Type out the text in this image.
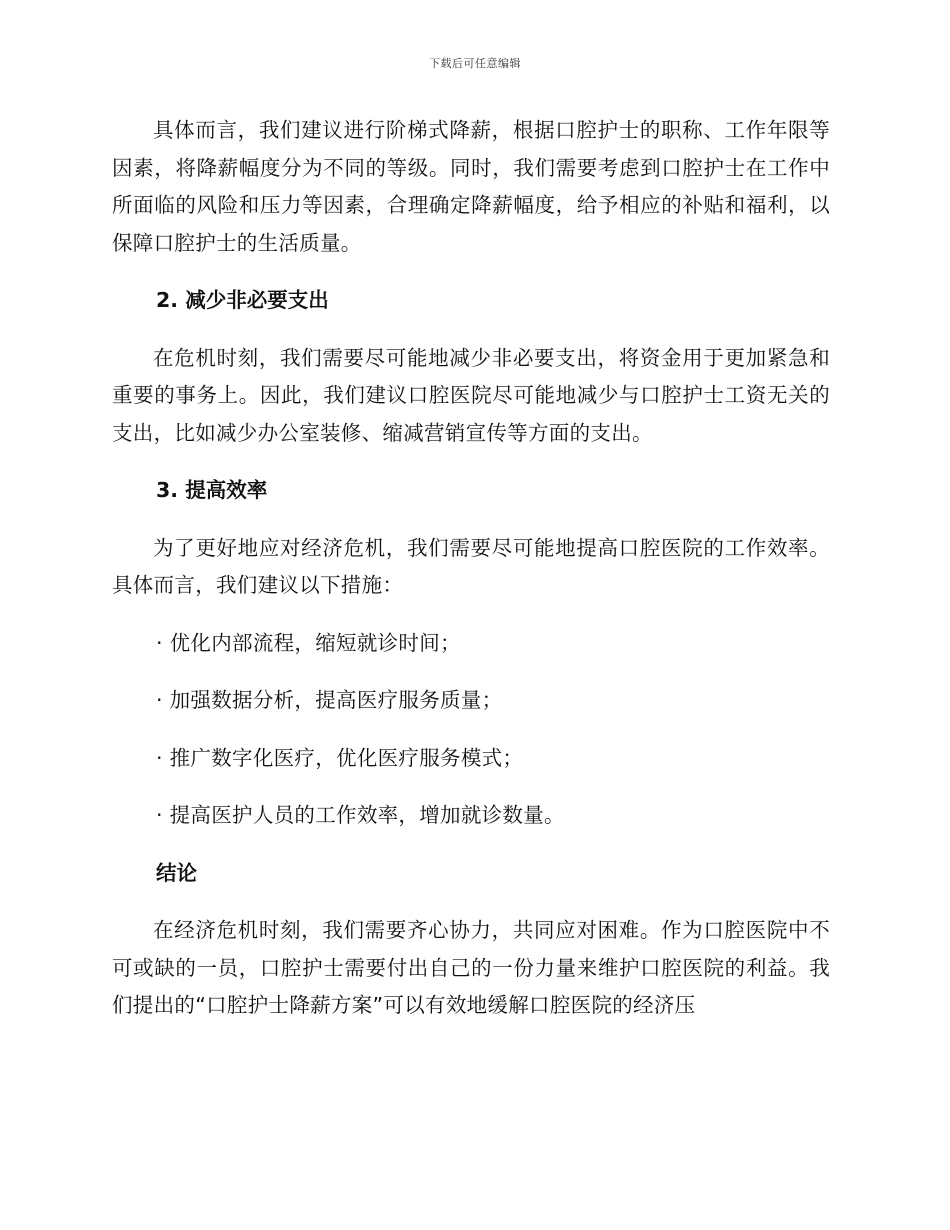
下载后可任意编辑

具体而言，我们建议进行阶梯式降薪，根据口腔护士的职称、工作年限等因素，将降薪幅度分为不同的等级。同时，我们需要考虑到口腔护士在工作中所面临的风险和压力等因素，合理确定降薪幅度，给予相应的补贴和福利，以保障口腔护士的生活质量。

2. 减少非必要支出

在危机时刻，我们需要尽可能地减少非必要支出，将资金用于更加紧急和重要的事务上。因此，我们建议口腔医院尽可能地减少与口腔护士工资无关的支出，比如减少办公室装修、缩减营销宣传等方面的支出。

3. 提高效率

为了更好地应对经济危机，我们需要尽可能地提高口腔医院的工作效率。具体而言，我们建议以下措施：

· 优化内部流程，缩短就诊时间；

· 加强数据分析，提高医疗服务质量；

· 推广数字化医疗，优化医疗服务模式；

· 提高医护人员的工作效率，增加就诊数量。

结论

在经济危机时刻，我们需要齐心协力，共同应对困难。作为口腔医院中不可或缺的一员，口腔护士需要付出自己的一份力量来维护口腔医院的利益。我们提出的“口腔护士降薪方案”可以有效地缓解口腔医院的经济压
